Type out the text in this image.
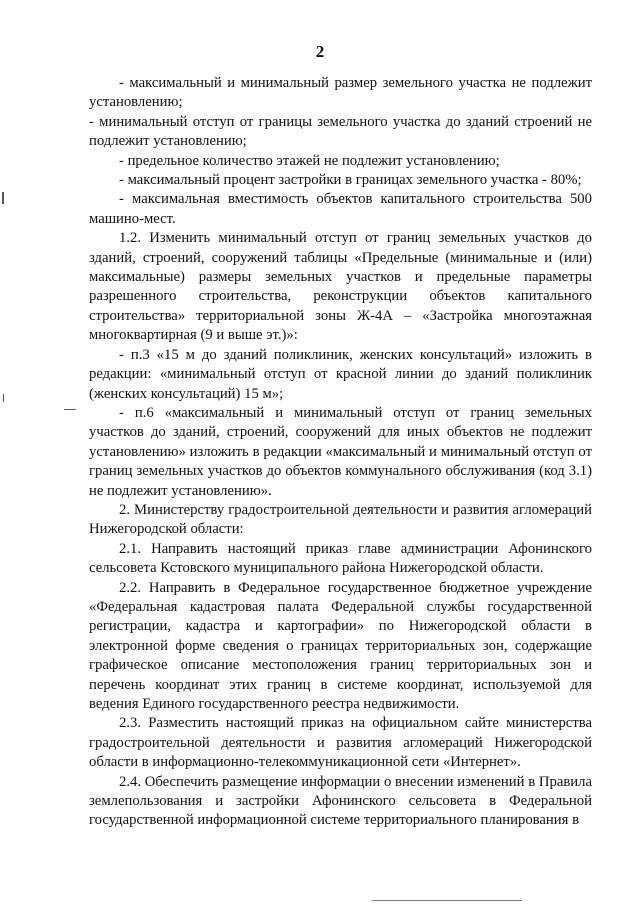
2

- максимальный и минимальный размер земельного участка не подлежит установлению;

- минимальный отступ от границы земельного участка до зданий строений не подлежит установлению;

- предельное количество этажей не подлежит установлению;

- максимальный процент застройки в границах земельного участка - 80%;

- максимальная вместимость объектов капитального строительства 500 машино-мест.

1.2. Изменить минимальный отступ от границ земельных участков до зданий, строений, сооружений таблицы «Предельные (минимальные и (или) максимальные) размеры земельных участков и предельные параметры разрешенного строительства, реконструкции объектов капитального строительства» территориальной зоны Ж-4А – «Застройка многоэтажная многоквартирная (9 и выше эт.)»:

- п.3 «15 м до зданий поликлиник, женских консультаций» изложить в редакции: «минимальный отступ от красной линии до зданий поликлиник (женских консультаций) 15 м»;

- п.6 «максимальный и минимальный отступ от границ земельных участков до зданий, строений, сооружений для иных объектов не подлежит установлению» изложить в редакции «максимальный и минимальный отступ от границ земельных участков до объектов коммунального обслуживания (код 3.1) не подлежит установлению».

2. Министерству градостроительной деятельности и развития агломераций Нижегородской области:

2.1. Направить настоящий приказ главе администрации Афонинского сельсовета Кстовского муниципального района Нижегородской области.

2.2. Направить в Федеральное государственное бюджетное учреждение «Федеральная кадастровая палата Федеральной службы государственной регистрации, кадастра и картографии» по Нижегородской области в электронной форме сведения о границах территориальных зон, содержащие графическое описание местоположения границ территориальных зон и перечень координат этих границ в системе координат, используемой для ведения Единого государственного реестра недвижимости.

2.3. Разместить настоящий приказ на официальном сайте министерства градостроительной деятельности и развития агломераций Нижегородской области в информационно-телекоммуникационной сети «Интернет».

2.4. Обеспечить размещение информации о внесении изменений в Правила землепользования и застройки Афонинского сельсовета в Федеральной государственной информационной системе территориального планирования в
